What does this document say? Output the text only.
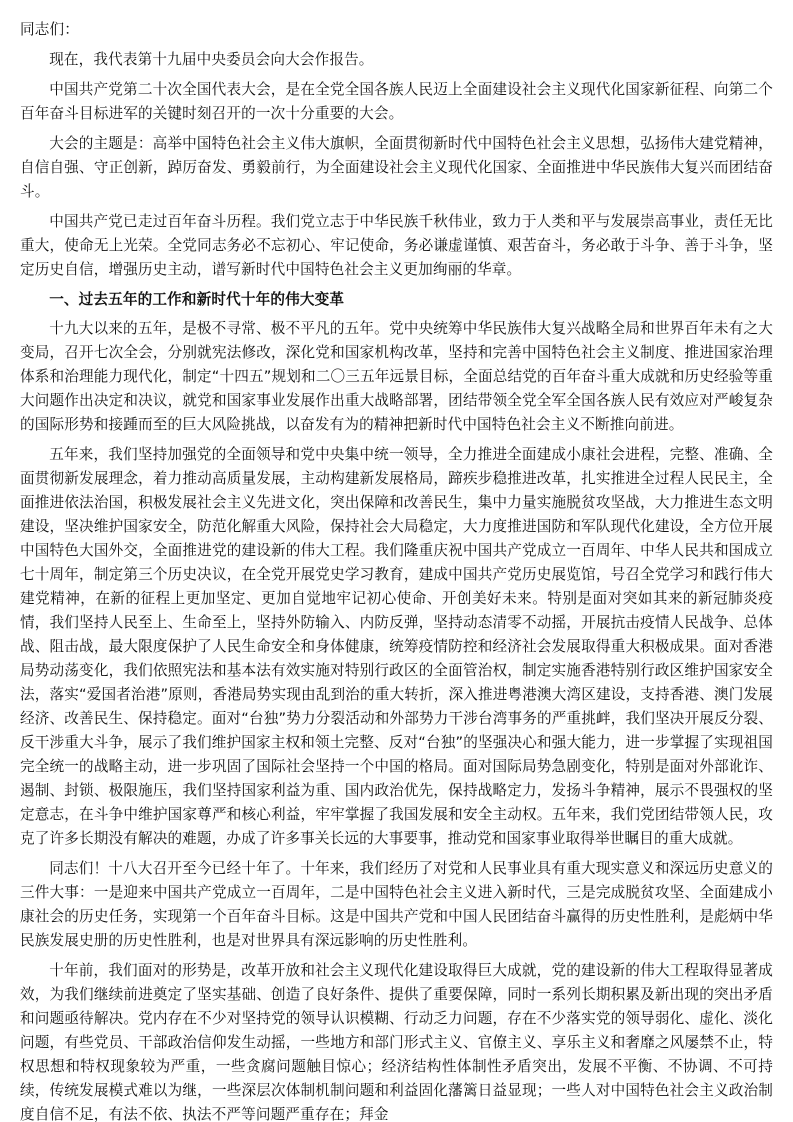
同志们：

现在，我代表第十九届中央委员会向大会作报告。

中国共产党第二十次全国代表大会，是在全党全国各族人民迈上全面建设社会主义现代化国家新征程、向第二个百年奋斗目标进军的关键时刻召开的一次十分重要的大会。

大会的主题是：高举中国特色社会主义伟大旗帜，全面贯彻新时代中国特色社会主义思想，弘扬伟大建党精神，自信自强、守正创新，踔厉奋发、勇毅前行，为全面建设社会主义现代化国家、全面推进中华民族伟大复兴而团结奋斗。

中国共产党已走过百年奋斗历程。我们党立志于中华民族千秋伟业，致力于人类和平与发展崇高事业，责任无比重大，使命无上光荣。全党同志务必不忘初心、牢记使命，务必谦虚谨慎、艰苦奋斗，务必敢于斗争、善于斗争，坚定历史自信，增强历史主动，谱写新时代中国特色社会主义更加绚丽的华章。

一、过去五年的工作和新时代十年的伟大变革

十九大以来的五年，是极不寻常、极不平凡的五年。党中央统筹中华民族伟大复兴战略全局和世界百年未有之大变局，召开七次全会，分别就宪法修改，深化党和国家机构改革，坚持和完善中国特色社会主义制度、推进国家治理体系和治理能力现代化，制定“十四五”规划和二〇三五年远景目标，全面总结党的百年奋斗重大成就和历史经验等重大问题作出决定和决议，就党和国家事业发展作出重大战略部署，团结带领全党全军全国各族人民有效应对严峻复杂的国际形势和接踵而至的巨大风险挑战，以奋发有为的精神把新时代中国特色社会主义不断推向前进。

五年来，我们坚持加强党的全面领导和党中央集中统一领导，全力推进全面建成小康社会进程，完整、准确、全面贯彻新发展理念，着力推动高质量发展，主动构建新发展格局，蹄疾步稳推进改革，扎实推进全过程人民民主，全面推进依法治国，积极发展社会主义先进文化，突出保障和改善民生，集中力量实施脱贫攻坚战，大力推进生态文明建设，坚决维护国家安全，防范化解重大风险，保持社会大局稳定，大力度推进国防和军队现代化建设，全方位开展中国特色大国外交，全面推进党的建设新的伟大工程。我们隆重庆祝中国共产党成立一百周年、中华人民共和国成立七十周年，制定第三个历史决议，在全党开展党史学习教育，建成中国共产党历史展览馆，号召全党学习和践行伟大建党精神，在新的征程上更加坚定、更加自觉地牢记初心使命、开创美好未来。特别是面对突如其来的新冠肺炎疫情，我们坚持人民至上、生命至上，坚持外防输入、内防反弹，坚持动态清零不动摇，开展抗击疫情人民战争、总体战、阻击战，最大限度保护了人民生命安全和身体健康，统筹疫情防控和经济社会发展取得重大积极成果。面对香港局势动荡变化，我们依照宪法和基本法有效实施对特别行政区的全面管治权，制定实施香港特别行政区维护国家安全法，落实“爱国者治港”原则，香港局势实现由乱到治的重大转折，深入推进粤港澳大湾区建设，支持香港、澳门发展经济、改善民生、保持稳定。面对“台独”势力分裂活动和外部势力干涉台湾事务的严重挑衅，我们坚决开展反分裂、反干涉重大斗争，展示了我们维护国家主权和领土完整、反对“台独”的坚强决心和强大能力，进一步掌握了实现祖国完全统一的战略主动，进一步巩固了国际社会坚持一个中国的格局。面对国际局势急剧变化，特别是面对外部讹诈、遏制、封锁、极限施压，我们坚持国家利益为重、国内政治优先，保持战略定力，发扬斗争精神，展示不畏强权的坚定意志，在斗争中维护国家尊严和核心利益，牢牢掌握了我国发展和安全主动权。五年来，我们党团结带领人民，攻克了许多长期没有解决的难题，办成了许多事关长远的大事要事，推动党和国家事业取得举世瞩目的重大成就。

同志们！十八大召开至今已经十年了。十年来，我们经历了对党和人民事业具有重大现实意义和深远历史意义的三件大事：一是迎来中国共产党成立一百周年，二是中国特色社会主义进入新时代，三是完成脱贫攻坚、全面建成小康社会的历史任务，实现第一个百年奋斗目标。这是中国共产党和中国人民团结奋斗赢得的历史性胜利，是彪炳中华民族发展史册的历史性胜利，也是对世界具有深远影响的历史性胜利。

十年前，我们面对的形势是，改革开放和社会主义现代化建设取得巨大成就，党的建设新的伟大工程取得显著成效，为我们继续前进奠定了坚实基础、创造了良好条件、提供了重要保障，同时一系列长期积累及新出现的突出矛盾和问题亟待解决。党内存在不少对坚持党的领导认识模糊、行动乏力问题，存在不少落实党的领导弱化、虚化、淡化问题，有些党员、干部政治信仰发生动摇，一些地方和部门形式主义、官僚主义、享乐主义和奢靡之风屡禁不止，特权思想和特权现象较为严重，一些贪腐问题触目惊心；经济结构性体制性矛盾突出，发展不平衡、不协调、不可持续，传统发展模式难以为继，一些深层次体制机制问题和利益固化藩篱日益显现；一些人对中国特色社会主义政治制度自信不足，有法不依、执法不严等问题严重存在；拜金
